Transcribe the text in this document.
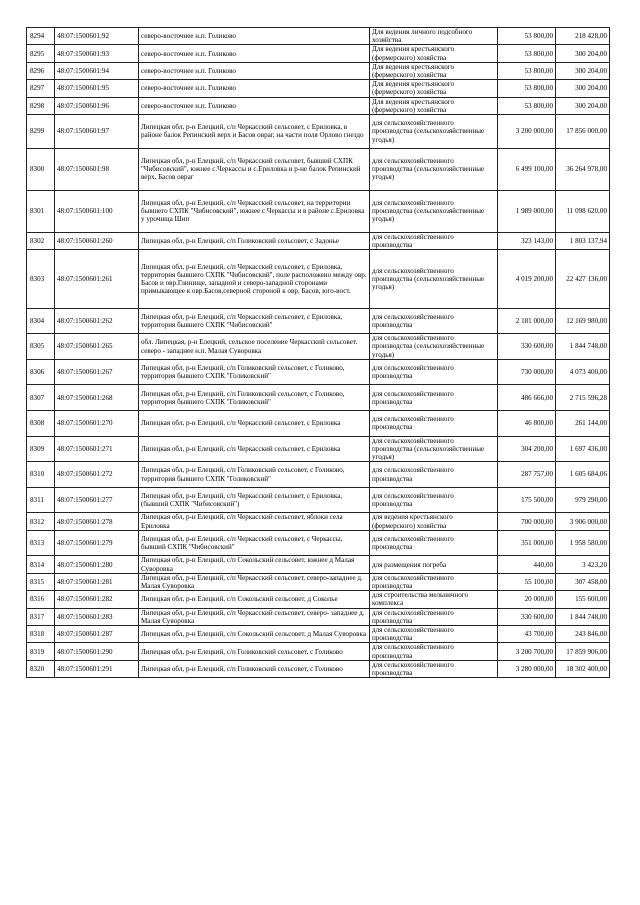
8294	48:07:1500601:92	северо-восточнее н.п. Голиково	Для ведения личного подсобного хозяйства	53 800,00	218 428,00
8295	48:07:1500601:93	северо-восточнее н.п. Голиково	Для ведения крестьянского (фермерского) хозяйства	53 800,00	300 204,00
8296	48:07:1500601:94	северо-восточнее н.п. Голиково	Для ведения крестьянского (фермерского) хозяйства	53 800,00	300 204,00
8297	48:07:1500601:95	северо-восточнее н.п. Голиково	Для ведения крестьянского (фермерского) хозяйства	53 800,00	300 204,00
8298	48:07:1500601:96	северо-восточнее н.п. Голиково	Для ведения крестьянского (фермерского) хозяйства	53 800,00	300 204,00
8299	48:07:1500601:97	Липецкая обл, р-н Елецкий, с/п Черкасский сельсовет, с Ериловка, в районе балок Репинский верх и Басов овраг, на части поля Орлово гнездо	для сельскохозяйственного производства (сельскохозяйственные угодья)	3 200 000,00	17 856 000,00
8300	48:07:1500601:98	Липецкая обл, р-н Елецкий, с/п Черкасский сельсовет, бывший СХПК "Чибисовский", южнее с.Черкассы и с.Ериловка и р-не балок Репинский верх, Басов овраг	для сельскохозяйственного производства (сельскохозяйственные угодья)	6 499 100,00	36 264 978,00
8301	48:07:1500601:100	Липецкая обл, р-н Елецкий, с/п Черкасский сельсовет, на территории бывшего СХПК "Чибисовский", южнее с.Черкассы и в районе с.Ериловка у урочища Шип	для сельскохозяйственного производства (сельскохозяйственные угодья)	1 989 000,00	11 098 620,00
8302	48:07:1500601:260	Липецкая обл, р-н Елецкий, с/п Голиковский сельсовет, с Задонье	для сельскохозяйственного производства	323 143,00	1 803 137,94
8303	48:07:1500601:261	Липецкая обл, р-н Елецкий, с/п Черкасский сельсовет, с Ериловка, территория бывшего СХПК "Чибисовский", поле расположено между овр. Басов и овр.Глинище, западной и северо-западной сторонами примыкающее к овр.Басов,северной стороной к овр. Басов, юго-вост.	для сельскохозяйственного производства (сельскохозяйственные угодья)	4 019 200,00	22 427 136,00
8304	48:07:1500601:262	Липецкая обл, р-н Елецкий, с/п Черкасский сельсовет, с Ериловка, территория бывшего СХПК "Чибисовский"	для сельскохозяйственного производства	2 181 000,00	12 169 980,00
8305	48:07:1500601:265	обл. Липецкая, р-н Елецкий, сельское поселение Черкасский сельсовет. северо - западнее н.п. Малая Суворовка	для сельскохозяйственного производства (сельскохозяйственные угодья)	330 600,00	1 844 748,00
8306	48:07:1500601:267	Липецкая обл, р-н Елецкий, с/п Голиковский сельсовет, с Голиково, территория бывшего СХПК "Голиковский"	для сельскохозяйственного производства	730 000,00	4 073 400,00
8307	48:07:1500601:268	Липецкая обл, р-н Елецкий, с/п Голиковский сельсовет, с Голиково, территория бывшего СХПК "Голиковский"	для сельскохозяйственного производства	486 666,00	2 715 596,28
8308	48:07:1500601:270	Липецкая обл, р-н Елецкий, с/п Черкасский сельсовет, с Ериловка	для сельскохозяйственного производства	46 800,00	261 144,00
8309	48:07:1500601:271	Липецкая обл, р-н Елецкий, с/п Черкасский сельсовет, с Ериловка	для сельскохозяйственного производства (сельскохозяйственные угодья)	304 200,00	1 697 436,00
8310	48:07:1500601:272	Липецкая обл, р-н Елецкий, с/п Голиковский сельсовет, с Голиково, территория бывшего СХПК "Голиковский"	для сельскохозяйственного производства	287 757,00	1 605 684,06
8311	48:07:1500601:277	Липецкая обл, р-н Елецкий, с/п Черкасский сельсовет, с Ериловка, (бывший СХПК "Чибисовский")	для сельскохозяйственного производства	175 500,00	979 290,00
8312	48:07:1500601:278	Липецкая обл, р-н Елецкий, с/п Черкасский сельсовет, яблоки села Ериловка	для ведения крестьянского (фермерского) хозяйства	700 000,00	3 906 000,00
8313	48:07:1500601:279	Липецкая обл, р-н Елецкий, с/п Черкасский сельсовет, с Черкассы, бывший СХПК "Чибисовский"	для сельскохозяйственного производства	351 000,00	1 958 580,00
8314	48:07:1500601:280	Липецкая обл, р-н Елецкий, с/п Сокольский сельсовет, южнее д Малая Суворовка	для размещения погреба	440,00	3 423,20
8315	48:07:1500601:281	Липецкая обл, р-н Елецкий, с/п Черкасский сельсовет, северо-западнее д. Малая Суворовка	для сельскохозяйственного производства	55 100,00	307 458,00
8316	48:07:1500601:282	Липецкая обл, р-н Елецкий, с/п Сокольский сельсовет, д Сокольe	для строительства мельничного комплекса	20 000,00	155 600,00
8317	48:07:1500601:283	Липецкая обл, р-н Елецкий, с/п Черкасский сельсовет, северо- западнее д. Малая Суворовка	для сельскохозяйственного производства	330 600,00	1 844 748,00
8318	48:07:1500601:287	Липецкая обл, р-н Елецкий, с/п Сокольский сельсовет, д Малая Суворовка	для сельскохозяйственного производства	43 700,00	243 846,00
8319	48:07:1500601:290	Липецкая обл, р-н Елецкий, с/п Голиковский сельсовет, с Голиково	для сельскохозяйственного производства	3 200 700,00	17 859 906,00
8320	48:07:1500601:291	Липецкая обл, р-н Елецкий, с/п Голиковский сельсовет, с Голиково	для сельскохозяйственного производства	3 280 000,00	18 302 400,00
